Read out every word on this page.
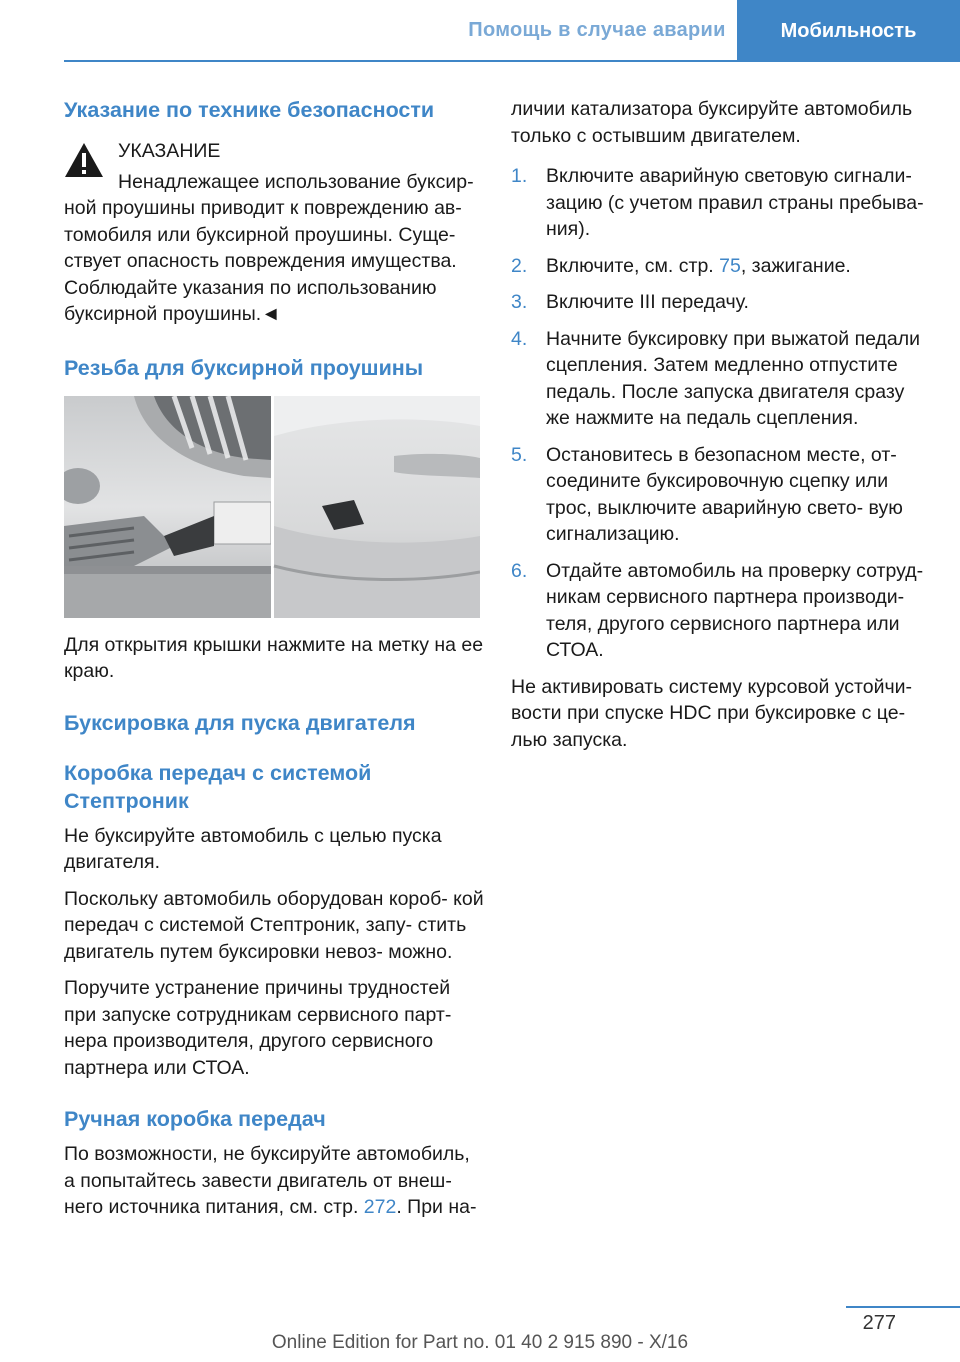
Помощь в случае аварии	Мобильность
Указание по технике безопасности

УКАЗАНИЕ

Ненадлежащее использование буксир-

ной проушины приводит к повреждению ав- томобиля или буксирной проушины. Суще- ствует опасность повреждения имущества. Соблюдайте указания по использованию буксирной проушины.◄

Резьба для буксирной проушины

Для открытия крышки нажмите на метку на ее краю.

Буксировка для пуска двигателя
Коробка передач с системой Стептроник

Не буксируйте автомобиль с целью пуска двигателя.

Поскольку автомобиль оборудован короб- кой передач с системой Стептроник, запу- стить двигатель путем буксировки невоз- можно.

Поручите устранение причины трудностей при запуске сотрудникам сервисного парт- нера производителя, другого сервисного партнера или СТОА.

Ручная коробка передач

По возможности, не буксируйте автомобиль, а попытайтесь завести двигатель от внеш- него источника питания, см. стр. 272. При на-

личии катализатора буксируйте автомобиль только с остывшим двигателем.

1. Включите аварийную световую сигнали- зацию (с учетом правил страны пребыва- ния).
2. Включите, см. стр. 75, зажигание.
3. Включите III передачу.
4. Начните буксировку при выжатой педали сцепления. Затем медленно отпустите педаль. После запуска двигателя сразу же нажмите на педаль сцепления.
5. Остановитесь в безопасном месте, от- соедините буксировочную сцепку или трос, выключите аварийную свето- вую сигнализацию.
6. Отдайте автомобиль на проверку сотруд- никам сервисного партнера производи- теля, другого сервисного партнера или СТОА.

Не активировать систему курсовой устойчи- вости при спуске HDC при буксировке с це- лью запуска.

277
Online Edition for Part no. 01 40 2 915 890 - X/16
